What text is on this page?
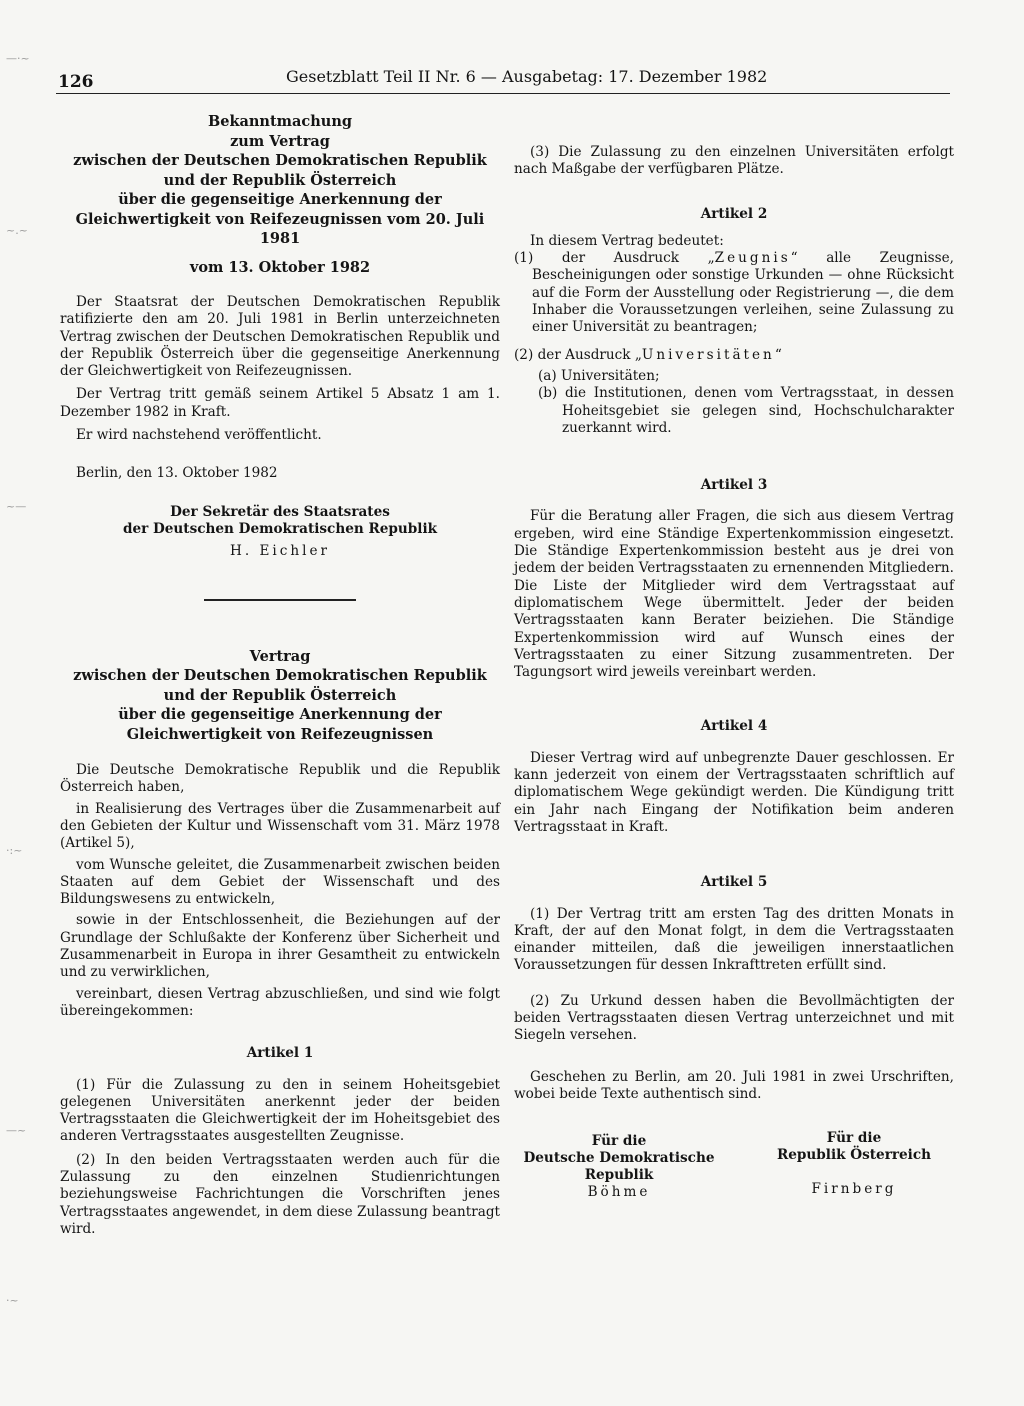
126	Gesetzblatt Teil II Nr. 6 — Ausgabetag: 17. Dezember 1982
Bekanntmachung
zum Vertrag
zwischen der Deutschen Demokratischen Republik
und der Republik Österreich
über die gegenseitige Anerkennung der
Gleichwertigkeit von Reifezeugnissen vom 20. Juli 1981
vom 13. Oktober 1982

Der Staatsrat der Deutschen Demokratischen Republik ratifizierte den am 20. Juli 1981 in Berlin unterzeichneten Vertrag zwischen der Deutschen Demokratischen Republik und der Republik Österreich über die gegenseitige Anerkennung der Gleichwertigkeit von Reifezeugnissen.

Der Vertrag tritt gemäß seinem Artikel 5 Absatz 1 am 1. Dezember 1982 in Kraft.

Er wird nachstehend veröffentlicht.

Berlin, den 13. Oktober 1982

Der Sekretär des Staatsrates
der Deutschen Demokratischen Republik
H. Eichler
Vertrag
zwischen der Deutschen Demokratischen Republik
und der Republik Österreich
über die gegenseitige Anerkennung der
Gleichwertigkeit von Reifezeugnissen

Die Deutsche Demokratische Republik und die Republik Österreich haben,

in Realisierung des Vertrages über die Zusammenarbeit auf den Gebieten der Kultur und Wissenschaft vom 31. März 1978 (Artikel 5),

vom Wunsche geleitet, die Zusammenarbeit zwischen beiden Staaten auf dem Gebiet der Wissenschaft und des Bildungswesens zu entwickeln,

sowie in der Entschlossenheit, die Beziehungen auf der Grundlage der Schlußakte der Konferenz über Sicherheit und Zusammenarbeit in Europa in ihrer Gesamtheit zu entwickeln und zu verwirklichen,

vereinbart, diesen Vertrag abzuschließen, und sind wie folgt übereingekommen:

Artikel 1

(1) Für die Zulassung zu den in seinem Hoheitsgebiet gelegenen Universitäten anerkennt jeder der beiden Vertragsstaaten die Gleichwertigkeit der im Hoheitsgebiet des anderen Vertragsstaates ausgestellten Zeugnisse.

(2) In den beiden Vertragsstaaten werden auch für die Zulassung zu den einzelnen Studienrichtungen beziehungsweise Fachrichtungen die Vorschriften jenes Vertragsstaates angewendet, in dem diese Zulassung beantragt wird.

(3) Die Zulassung zu den einzelnen Universitäten erfolgt nach Maßgabe der verfügbaren Plätze.

Artikel 2

In diesem Vertrag bedeutet:

(1) der Ausdruck „Zeugnis“ alle Zeugnisse, Bescheinigungen oder sonstige Urkunden — ohne Rücksicht auf die Form der Ausstellung oder Registrierung —, die dem Inhaber die Voraussetzungen verleihen, seine Zulassung zu einer Universität zu beantragen;

(2) der Ausdruck „Universitäten“

(a) Universitäten;

(b) die Institutionen, denen vom Vertragsstaat, in dessen Hoheitsgebiet sie gelegen sind, Hochschulcharakter zuerkannt wird.

Artikel 3

Für die Beratung aller Fragen, die sich aus diesem Vertrag ergeben, wird eine Ständige Expertenkommission eingesetzt. Die Ständige Expertenkommission besteht aus je drei von jedem der beiden Vertragsstaaten zu ernennenden Mitgliedern. Die Liste der Mitglieder wird dem Vertragsstaat auf diplomatischem Wege übermittelt. Jeder der beiden Vertragsstaaten kann Berater beiziehen. Die Ständige Expertenkommission wird auf Wunsch eines der Vertragsstaaten zu einer Sitzung zusammentreten. Der Tagungsort wird jeweils vereinbart werden.

Artikel 4

Dieser Vertrag wird auf unbegrenzte Dauer geschlossen. Er kann jederzeit von einem der Vertragsstaaten schriftlich auf diplomatischem Wege gekündigt werden. Die Kündigung tritt ein Jahr nach Eingang der Notifikation beim anderen Vertragsstaat in Kraft.

Artikel 5

(1) Der Vertrag tritt am ersten Tag des dritten Monats in Kraft, der auf den Monat folgt, in dem die Vertragsstaaten einander mitteilen, daß die jeweiligen innerstaatlichen Voraussetzungen für dessen Inkrafttreten erfüllt sind.

(2) Zu Urkund dessen haben die Bevollmächtigten der beiden Vertragsstaaten diesen Vertrag unterzeichnet und mit Siegeln versehen.

Geschehen zu Berlin, am 20. Juli 1981 in zwei Urschriften, wobei beide Texte authentisch sind.

Für die
Deutsche Demokratische
Republik
Böhme
Für die
Republik Österreich
Firnberg
—·~
~.~
~—
·:~
—~
·~
